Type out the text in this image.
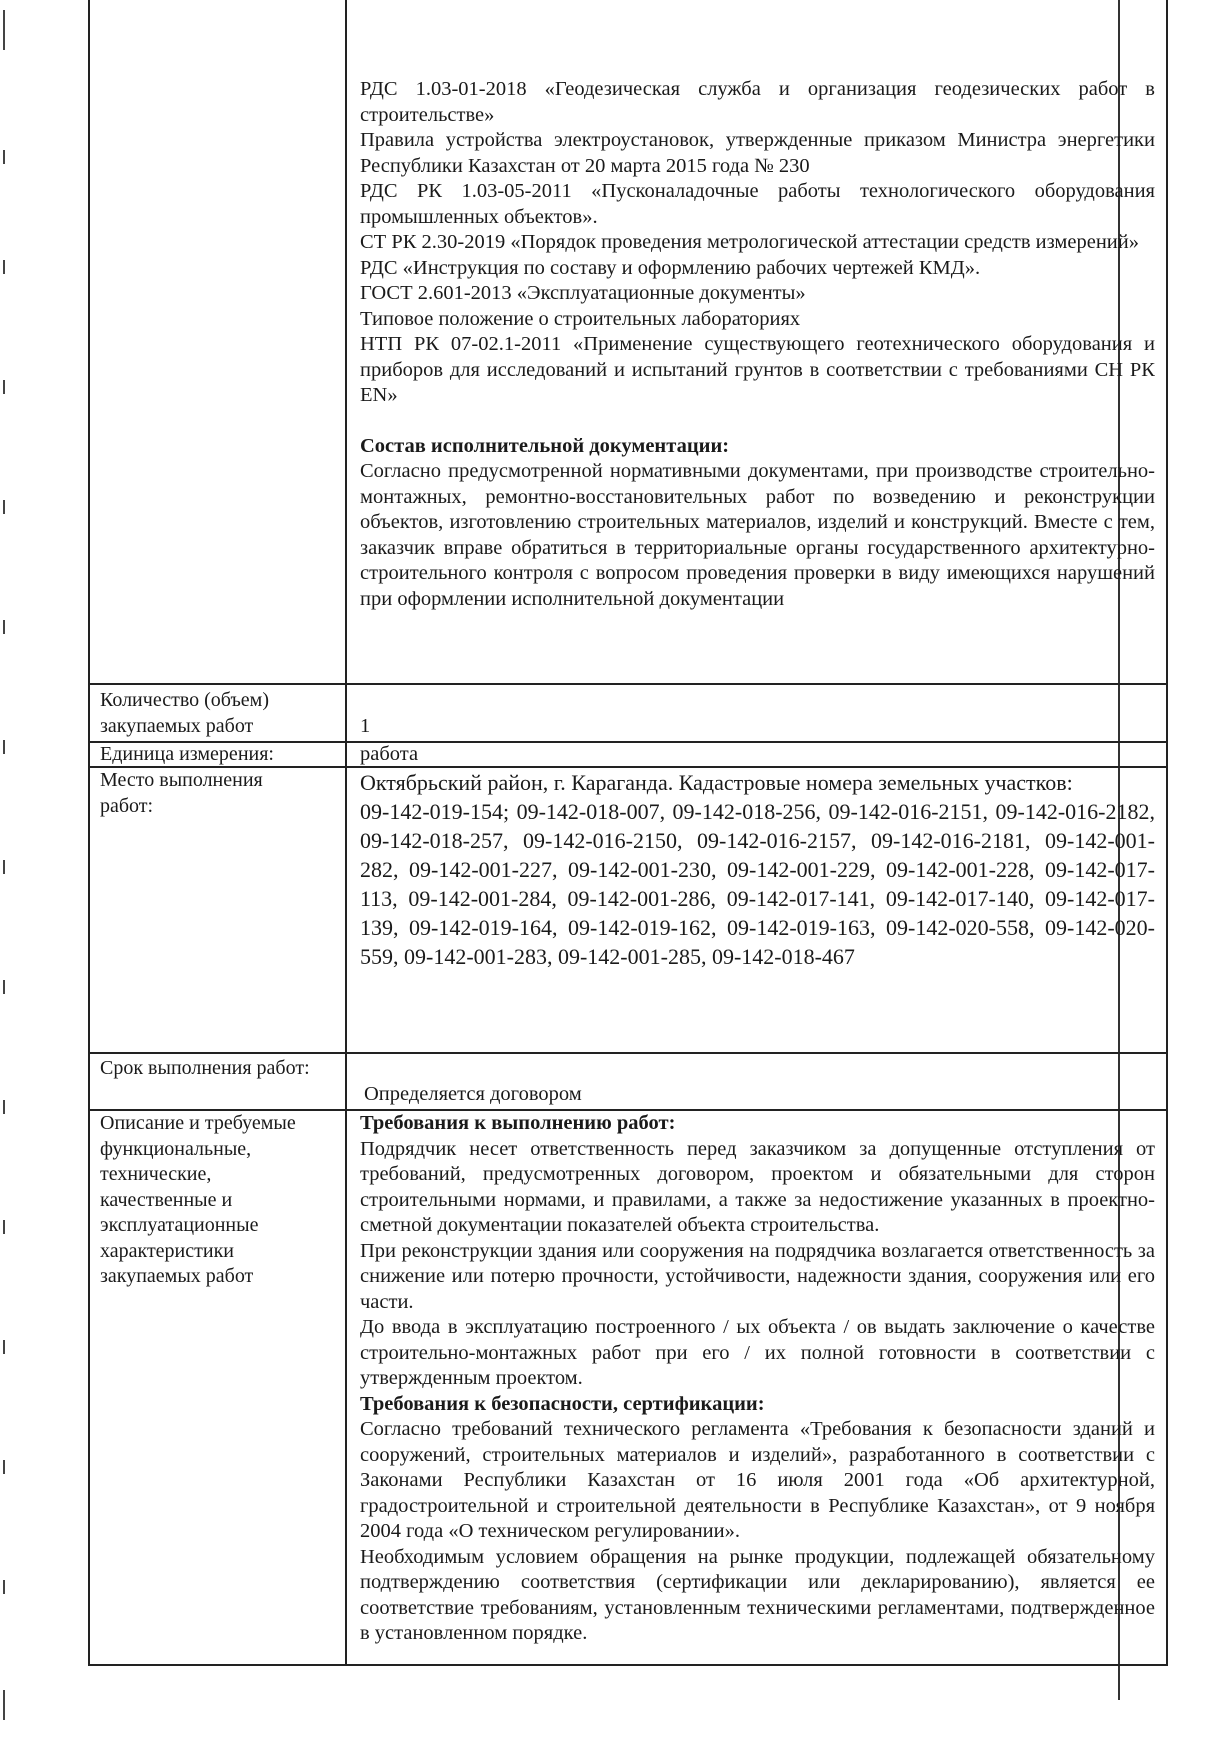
РДС 1.03-01-2018 «Геодезическая служба и организация геодезических работ в строительстве»

Правила устройства электроустановок, утвержденные приказом Министра энергетики Республики Казахстан от 20 марта 2015 года № 230

РДС РК 1.03-05-2011 «Пусконаладочные работы технологического оборудования промышленных объектов».

СТ РК 2.30-2019 «Порядок проведения метрологической аттестации средств измерений»

РДС «Инструкция по составу и оформлению рабочих чертежей КМД».

ГОСТ 2.601-2013 «Эксплуатационные документы»

Типовое положение о строительных лабораториях

НТП РК 07-02.1-2011 «Применение существующего геотехнического оборудования и приборов для исследований и испытаний грунтов в соответствии с требованиями СН РК EN»

Состав исполнительной документации:

Согласно предусмотренной нормативными документами, при производстве строительно-монтажных, ремонтно-восстановительных работ по возведению и реконструкции объектов, изготовлению строительных материалов, изделий и конструкций. Вместе с тем, заказчик вправе обратиться в территориальные органы государственного архитектурно-строительного контроля с вопросом проведения проверки в виду имеющихся нарушений при оформлении исполнительной документации

Количество (объем) закупаемых работ	1
Единица измерения:	работа
Место выполнения работ:

Октябрьский район, г. Караганда. Кадастровые номера земельных участков:

09-142-019-154; 09-142-018-007, 09-142-018-256, 09-142-016-2151, 09-142-016-2182, 09-142-018-257, 09-142-016-2150, 09-142-016-2157, 09-142-016-2181, 09-142-001-282, 09-142-001-227, 09-142-001-230, 09-142-001-229, 09-142-001-228, 09-142-017-113, 09-142-001-284, 09-142-001-286, 09-142-017-141, 09-142-017-140, 09-142-017-139, 09-142-019-164, 09-142-019-162, 09-142-019-163, 09-142-020-558, 09-142-020-559, 09-142-001-283, 09-142-001-285, 09-142-018-467

Срок выполнения работ:
Определяется договором
Описание и требуемые функциональные, технические, качественные и эксплуатационные характеристики закупаемых работ

Требования к выполнению работ:

Подрядчик несет ответственность перед заказчиком за допущенные отступления от требований, предусмотренных договором, проектом и обязательными для сторон строительными нормами, и правилами, а также за недостижение указанных в проектно-сметной документации показателей объекта строительства.

При реконструкции здания или сооружения на подрядчика возлагается ответственность за снижение или потерю прочности, устойчивости, надежности здания, сооружения или его части.

До ввода в эксплуатацию построенного / ых объекта / ов выдать заключение о качестве строительно-монтажных работ при его / их полной готовности в соответствии с утвержденным проектом.

Требования к безопасности, сертификации:

Согласно требований технического регламента «Требования к безопасности зданий и сооружений, строительных материалов и изделий», разработанного в соответствии с Законами Республики Казахстан от 16 июля 2001 года «Об архитектурной, градостроительной и строительной деятельности в Республике Казахстан», от 9 ноября 2004 года «О техническом регулировании».

Необходимым условием обращения на рынке продукции, подлежащей обязательному подтверждению соответствия (сертификации или декларированию), является ее соответствие требованиям, установленным техническими регламентами, подтвержденное в установленном порядке.
